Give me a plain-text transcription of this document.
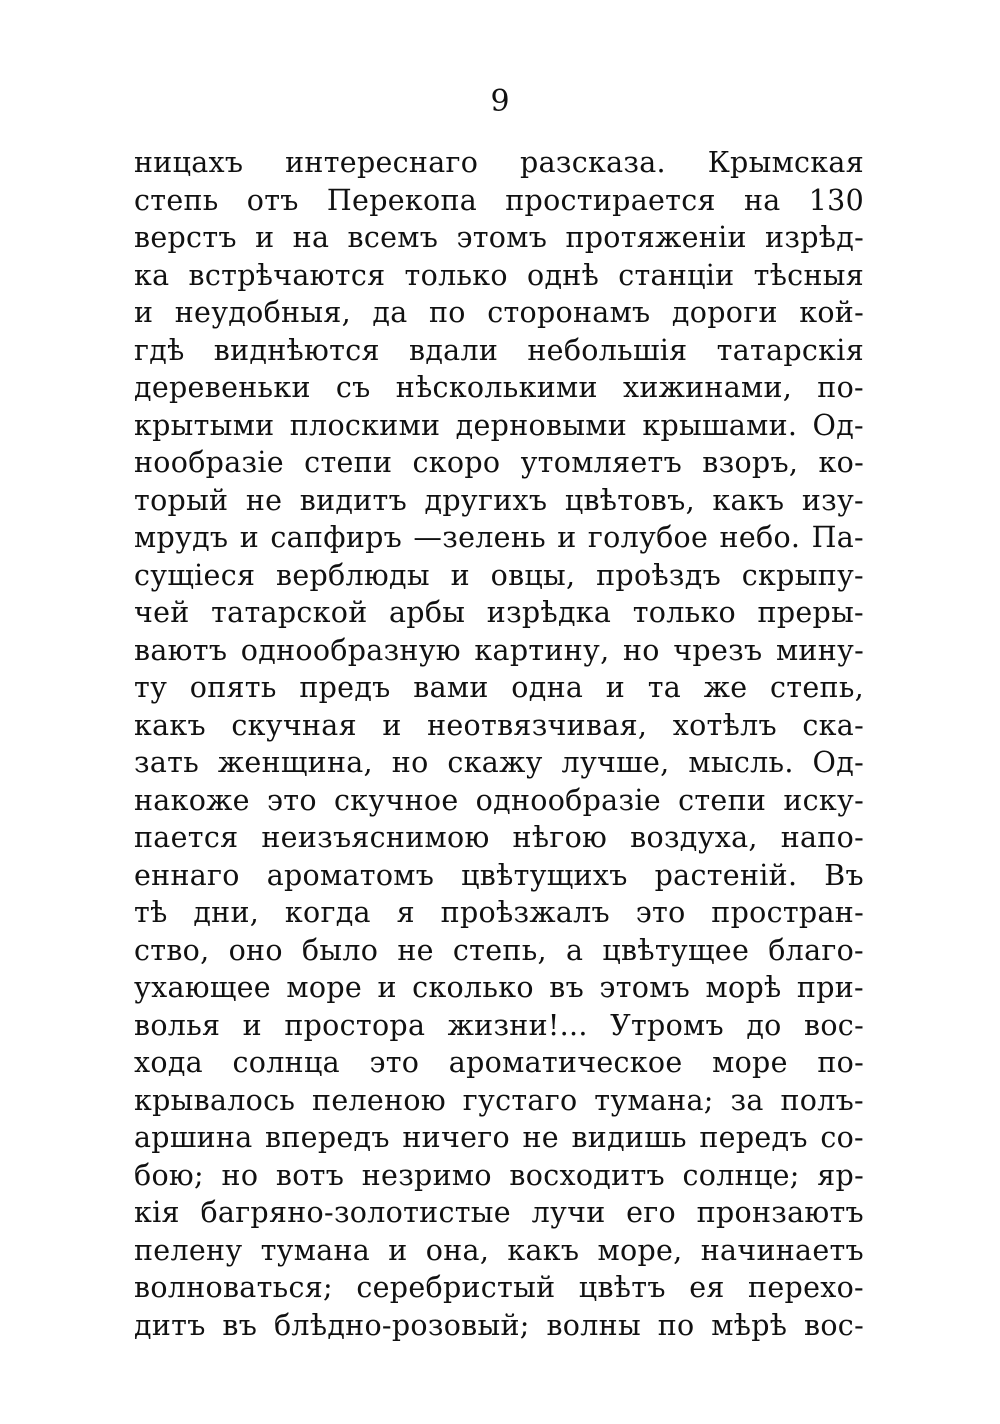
9
ницахъ интереснаго разсказа. Крымская
степь отъ Перекопа простирается на 130
верстъ и на всемъ этомъ протяженіи изрѣд-
ка встрѣчаются только однѣ станціи тѣсныя
и неудобныя, да по сторонамъ дороги кой-
гдѣ виднѣются вдали небольшія татарскія
деревеньки съ нѣсколькими хижинами, по-
крытыми плоскими дерновыми крышами. Од-
нообразіе степи скоро утомляетъ взоръ, ко-
торый не видитъ другихъ цвѣтовъ, какъ изу-
мрудъ и сапфиръ —зелень и голубое небо. Па-
сущіеся верблюды и овцы, проѣздъ скрыпу-
чей татарской арбы изрѣдка только преры-
ваютъ однообразную картину, но чрезъ мину-
ту опять предъ вами одна и та же степь,
какъ скучная и неотвязчивая, хотѣлъ ска-
зать женщина, но скажу лучше, мысль. Од-
накоже это скучное однообразіе степи иску-
пается неизъяснимою нѣгою воздуха, напо-
еннаго ароматомъ цвѣтущихъ растеній. Въ
тѣ дни, когда я проѣзжалъ это простран-
ство, оно было не степь, а цвѣтущее благо-
ухающее море и сколько въ этомъ морѣ при-
волья и простора жизни!... Утромъ до вос-
хода солнца это ароматическое море по-
крывалось пеленою густаго тумана; за полъ-
аршина впередъ ничего не видишь передъ со-
бою; но вотъ незримо восходитъ солнце; яр-
кія багряно-золотистые лучи его пронзаютъ
пелену тумана и она, какъ море, начинаетъ
волноваться; серебристый цвѣтъ ея перехо-
дитъ въ блѣдно-розовый; волны по мѣрѣ вос-
